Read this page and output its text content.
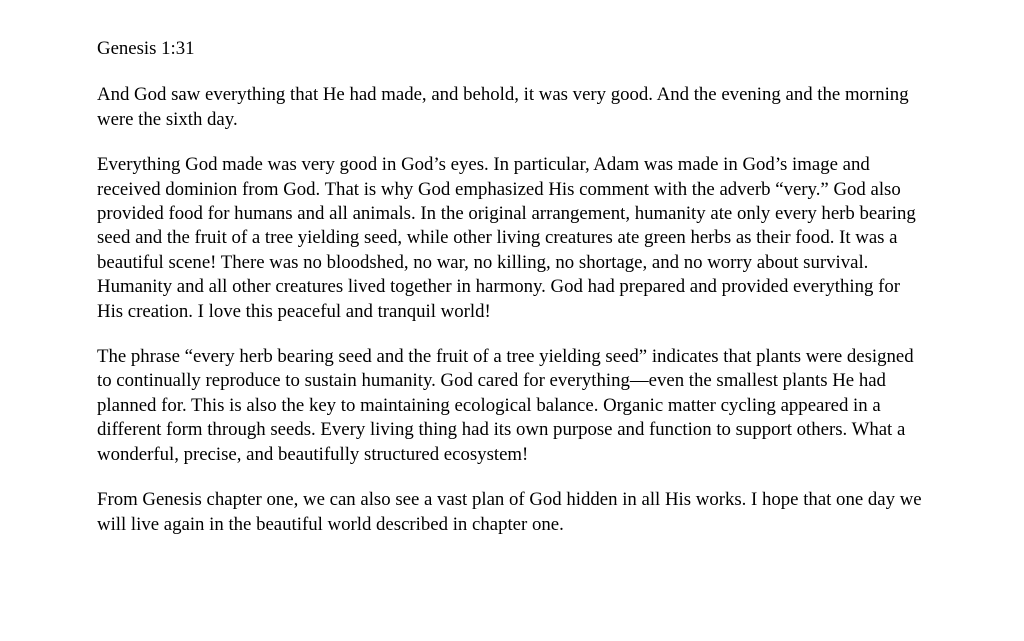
Genesis 1:31

And God saw everything that He had made, and behold, it was very good. And the evening and the morning were the sixth day.

Everything God made was very good in God’s eyes. In particular, Adam was made in God’s image and received dominion from God. That is why God emphasized His comment with the adverb “very.” God also provided food for humans and all animals. In the original arrangement, humanity ate only every herb bearing seed and the fruit of a tree yielding seed, while other living creatures ate green herbs as their food. It was a beautiful scene! There was no bloodshed, no war, no killing, no shortage, and no worry about survival. Humanity and all other creatures lived together in harmony. God had prepared and provided everything for His creation. I love this peaceful and tranquil world!

The phrase “every herb bearing seed and the fruit of a tree yielding seed” indicates that plants were designed to continually reproduce to sustain humanity. God cared for everything—even the smallest plants He had planned for. This is also the key to maintaining ecological balance. Organic matter cycling appeared in a different form through seeds. Every living thing had its own purpose and function to support others. What a wonderful, precise, and beautifully structured ecosystem!

From Genesis chapter one, we can also see a vast plan of God hidden in all His works. I hope that one day we will live again in the beautiful world described in chapter one.
